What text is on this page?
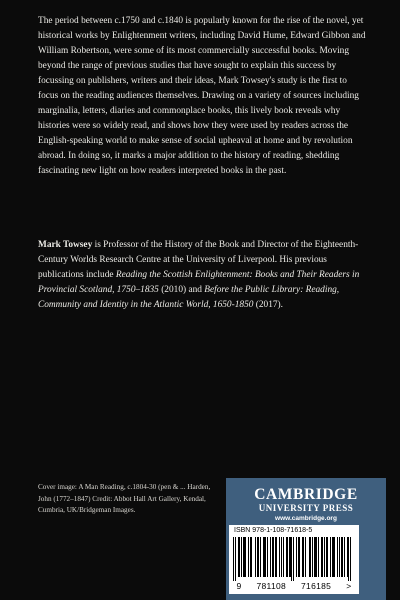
The period between c.1750 and c.1840 is popularly known for the rise of the novel, yet historical works by Enlightenment writers, including David Hume, Edward Gibbon and William Robertson, were some of its most commercially successful books. Moving beyond the range of previous studies that have sought to explain this success by focussing on publishers, writers and their ideas, Mark Towsey's study is the first to focus on the reading audiences themselves. Drawing on a variety of sources including marginalia, letters, diaries and commonplace books, this lively book reveals why histories were so widely read, and shows how they were used by readers across the English-speaking world to make sense of social upheaval at home and by revolution abroad. In doing so, it marks a major addition to the history of reading, shedding fascinating new light on how readers interpreted books in the past.

Mark Towsey is Professor of the History of the Book and Director of the Eighteenth-Century Worlds Research Centre at the University of Liverpool. His previous publications include Reading the Scottish Enlightenment: Books and Their Readers in Provincial Scotland, 1750–1835 (2010) and Before the Public Library: Reading, Community and Identity in the Atlantic World, 1650-1850 (2017).

Cover image: A Man Reading, c.1804-30 (pen & ... Harden, John (1772–1847) Credit: Abbot Hall Art Gallery, Kendal, Cumbria, UK/Bridgeman Images.

CAMBRIDGE
UNIVERSITY PRESS
www.cambridge.org
ISBN 978-1-108-71618-5
9 781108 716185 >
